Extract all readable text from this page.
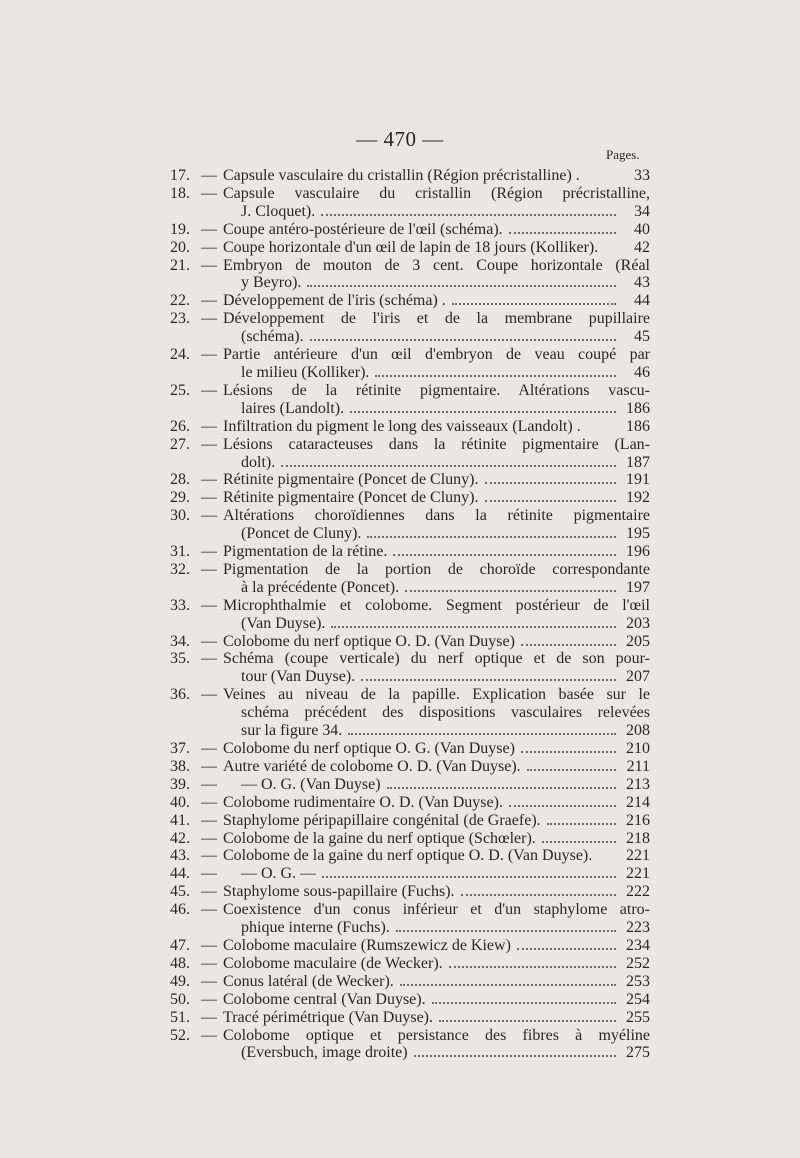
— 470 —
Pages.
17. — Capsule vasculaire du cristallin (Région précristalline) .	33
18. — Capsule vasculaire du cristallin (Région précristalline,
J. Cloquet).	34
19. — Coupe antéro-postérieure de l'œil (schéma).	40
20. — Coupe horizontale d'un œil de lapin de 18 jours (Kolliker).	42
21. — Embryon de mouton de 3 cent. Coupe horizontale (Réal
y Beyro).	43
22. — Développement de l'iris (schéma) .	44
23. — Développement de l'iris et de la membrane pupillaire
(schéma).	45
24. — Partie antérieure d'un œil d'embryon de veau coupé par
le milieu (Kolliker).	46
25. — Lésions de la rétinite pigmentaire. Altérations vascu-
laires (Landolt).	186
26. — Infiltration du pigment le long des vaisseaux (Landolt) .	186
27. — Lésions cataracteuses dans la rétinite pigmentaire (Lan-
dolt).	187
28. — Rétinite pigmentaire (Poncet de Cluny).	191
29. — Rétinite pigmentaire (Poncet de Cluny).	192
30. — Altérations choroïdiennes dans la rétinite pigmentaire
(Poncet de Cluny).	195
31. — Pigmentation de la rétine.	196
32. — Pigmentation de la portion de choroïde correspondante
à la précédente (Poncet).	197
33. — Microphthalmie et colobome. Segment postérieur de l'œil
(Van Duyse).	203
34. — Colobome du nerf optique O. D. (Van Duyse)	205
35. — Schéma (coupe verticale) du nerf optique et de son pour-
tour (Van Duyse).	207
36. — Veines au niveau de la papille. Explication basée sur le
schéma précédent des dispositions vasculaires relevées
sur la figure 34.	208
37. — Colobome du nerf optique O. G. (Van Duyse)	210
38. — Autre variété de colobome O. D. (Van Duyse).	211
39. —	— O. G. (Van Duyse)	213
40. — Colobome rudimentaire O. D. (Van Duyse).	214
41. — Staphylome péripapillaire congénital (de Graefe).	216
42. — Colobome de la gaine du nerf optique (Schœler).	218
43. — Colobome de la gaine du nerf optique O. D. (Van Duyse). 221
44. —	— O. G. —	221
45. — Staphylome sous-papillaire (Fuchs).	222
46. — Coexistence d'un conus inférieur et d'un staphylome atro-
phique interne (Fuchs).	223
47. — Colobome maculaire (Rumszewicz de Kiew)	234
48. — Colobome maculaire (de Wecker).	252
49. — Conus latéral (de Wecker).	253
50. — Colobome central (Van Duyse).	254
51. — Tracé périmétrique (Van Duyse).	255
52. — Colobome optique et persistance des fibres à myéline
(Eversbuch, image droite)	275
